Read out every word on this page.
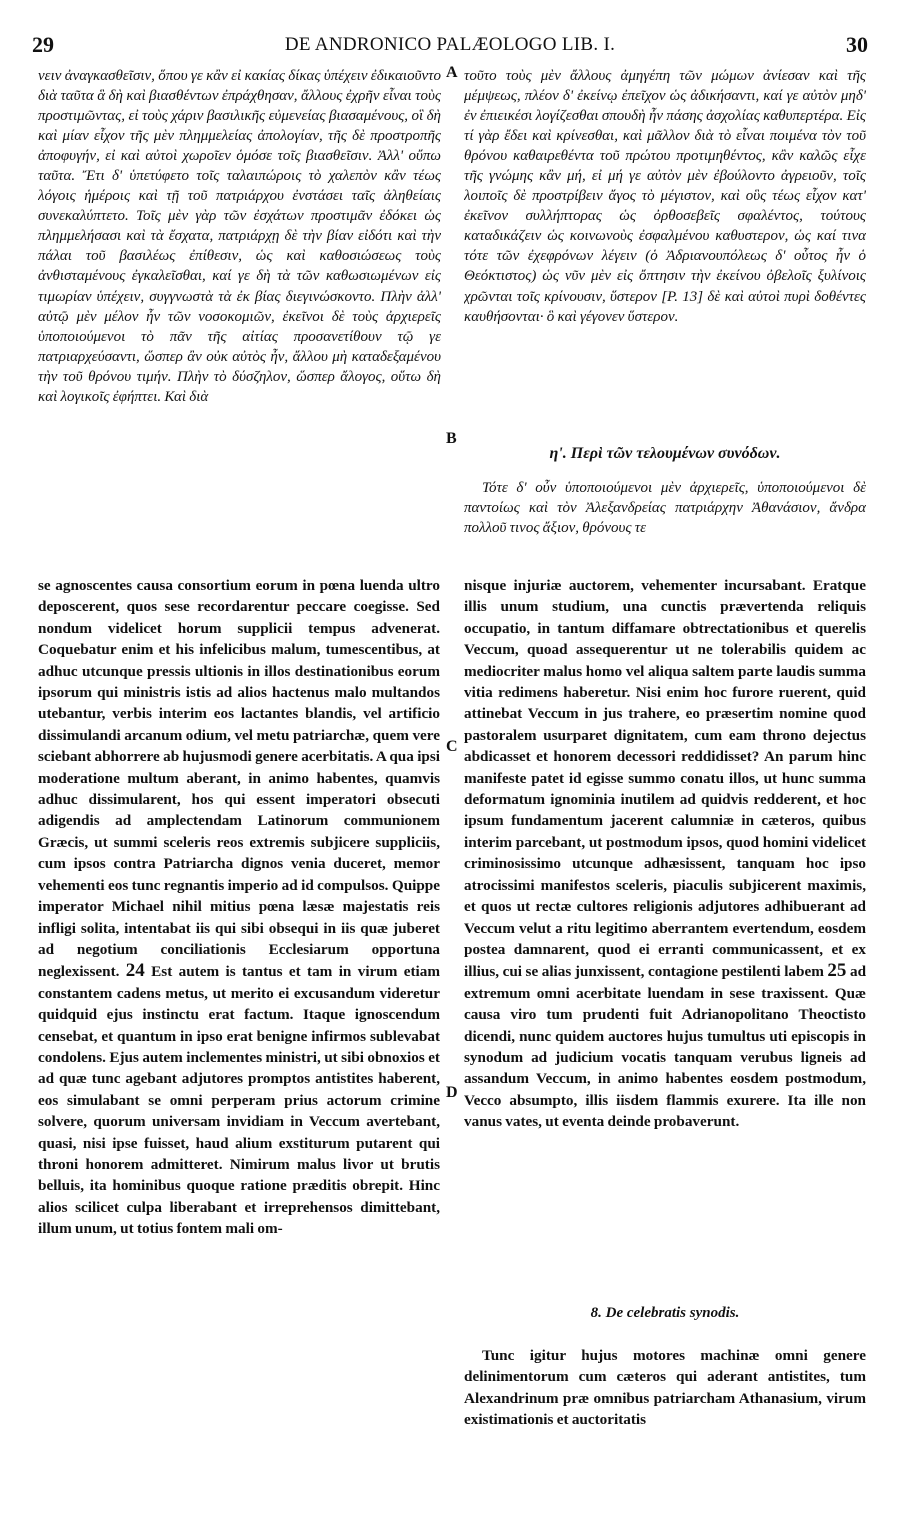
29	DE ANDRONICO PALÆOLOGO LIB. I.	30
νειν ἀναγκασθεῖσιν, ὅπου γε κἂν εἰ κακίας δίκας ὑπέχειν ἐδικαιοῦντο διὰ ταῦτα ἃ δὴ καὶ βιασθέντων ἐπράχθησαν, ἄλλους ἐχρῆν εἶναι τοὺς προστιμῶντας, εἰ τοὺς χάριν βασιλικῆς εὐμενείας βιασαμένους, οἳ δὴ καὶ μίαν εἶχον τῆς μὲν πλημμελείας ἀπολογίαν, τῆς δὲ προστροπῆς ἀποφυγήν, εἰ καὶ αὐτοὶ χωροῖεν ὁμόσε τοῖς βιασθεῖσιν. Ἀλλ' οὔπω ταῦτα. Ἔτι δ' ὑπετύφετο τοῖς ταλαιπώροις τὸ χαλεπὸν κἂν τέως λόγοις ἡμέροις καὶ τῇ τοῦ πατριάρχου ἐνστάσει ταῖς ἀληθείαις συνεκαλύπτετο. Τοῖς μὲν γὰρ τῶν ἐσχάτων προστιμᾶν ἐδόκει ὡς πλημμελήσασι καὶ τὰ ἔσχατα, πατριάρχῃ δὲ τὴν βίαν εἰδότι καὶ τὴν πάλαι τοῦ βασιλέως ἐπίθεσιν, ὡς καὶ καθοσιώσεως τοὺς ἀνθισταμένους ἐγκαλεῖσθαι, καί γε δὴ τὰ τῶν καθωσιωμένων εἰς τιμωρίαν ὑπέχειν, συγγνωστὰ τὰ ἐκ βίας διεγινώσκοντο. Πλὴν ἀλλ' αὐτῷ μὲν μέλον ἦν τῶν νοσοκομιῶν, ἐκεῖνοι δὲ τοὺς ἀρχιερεῖς ὑποποιούμενοι τὸ πᾶν τῆς αἰτίας προσανετίθουν τῷ γε πατριαρχεύσαντι, ὥσπερ ἂν οὐκ αὐτὸς ἦν, ἄλλου μὴ καταδεξαμένου τὴν τοῦ θρόνου τιμήν. Πλὴν τὸ δύσζηλον, ὥσπερ ἄλογος, οὕτω δὴ καὶ λογικοῖς ἐφήπτει. Καὶ διὰ
τοῦτο τοὺς μὲν ἄλλους ἀμηγέπη τῶν μώμων ἀνίεσαν καὶ τῆς μέμψεως, πλέον δ' ἐκείνῳ ἐπεῖχον ὡς ἀδικήσαντι, καί γε αὐτὸν μηδ' ἐν ἐπιεικέσι λογίζεσθαι σπουδὴ ἦν πάσης ἀσχολίας καθυπερτέρα. Εἰς τί γὰρ ἔδει καὶ κρίνεσθαι, καὶ μᾶλλον διὰ τὸ εἶναι ποιμένα τὸν τοῦ θρόνου καθαιρεθέντα τοῦ πρώτου προτιμηθέντος, κἂν καλῶς εἶχε τῆς γνώμης κἂν μή, εἰ μή γε αὐτὸν μὲν ἐβούλοντο ἀγρειοῦν, τοῖς λοιποῖς δὲ προστρίβειν ἄγος τὸ μέγιστον, καὶ οὓς τέως εἶχον κατ' ἐκεῖνον συλλήπτορας ὡς ὀρθοσεβεῖς σφαλέντος, τούτους καταδικάζειν ὡς κοινωνοὺς ἐσφαλμένου καθυστερον, ὡς καί τινα τότε τῶν ἐχεφρόνων λέγειν (ὁ Ἀδριανουπόλεως δ' οὗτος ἦν ὁ Θεόκτιστος) ὡς νῦν μὲν εἰς ὄπτησιν τὴν ἐκείνου ὀβελοῖς ξυλίνοις χρῶνται τοῖς κρίνουσιν, ὕστερον [P. 13] δὲ καὶ αὐτοὶ πυρὶ δοθέντες καυθήσονται· ὃ καὶ γέγονεν ὕστερον.
η'. Περὶ τῶν τελουμένων συνόδων.
Τότε δ' οὖν ὑποποιούμενοι μὲν ἀρχιερεῖς, ὑποποιούμενοι δὲ παντοίως καὶ τὸν Ἀλεξανδρείας πατριάρχην Ἀθανάσιον, ἄνδρα πολλοῦ τινος ἄξιον, θρόνους τε
A
B
C
D
se agnoscentes causa consortium eorum in pœna luenda ultro deposcerent, quos sese recordarentur peccare coegisse. Sed nondum videlicet horum supplicii tempus advenerat. Coquebatur enim et his infelicibus malum, tumescentibus, at adhuc utcunque pressis ultionis in illos destinationibus eorum ipsorum qui ministris istis ad alios hactenus malo multandos utebantur, verbis interim eos lactantes blandis, vel artificio dissimulandi arcanum odium, vel metu patriarchæ, quem vere sciebant abhorrere ab hujusmodi genere acerbitatis. A qua ipsi moderatione multum aberant, in animo habentes, quamvis adhuc dissimularent, hos qui essent imperatori obsecuti adigendis ad amplectendam Latinorum communionem Græcis, ut summi sceleris reos extremis subjicere suppliciis, cum ipsos contra Patriarcha dignos venia duceret, memor vehementi eos tunc regnantis imperio ad id compulsos. Quippe imperator Michael nihil mitius pœna læsæ majestatis reis infligi solita, intentabat iis qui sibi obsequi in iis quæ juberet ad negotium conciliationis Ecclesiarum opportuna neglexissent. 24 Est autem is tantus et tam in virum etiam constantem cadens metus, ut merito ei excusandum videretur quidquid ejus instinctu erat factum. Itaque ignoscendum censebat, et quantum in ipso erat benigne infirmos sublevabat condolens. Ejus autem inclementes ministri, ut sibi obnoxios et ad quæ tunc agebant adjutores promptos antistites haberent, eos simulabant se omni perperam prius actorum crimine solvere, quorum universam invidiam in Veccum avertebant, quasi, nisi ipse fuisset, haud alium exstiturum putarent qui throni honorem admitteret. Nimirum malus livor ut brutis belluis, ita hominibus quoque ratione præditis obrepit. Hinc alios scilicet culpa liberabant et irreprehensos dimittebant, illum unum, ut totius fontem mali om-
nisque injuriæ auctorem, vehementer incursabant. Eratque illis unum studium, una cunctis prævertenda reliquis occupatio, in tantum diffamare obtrectationibus et querelis Veccum, quoad assequerentur ut ne tolerabilis quidem ac mediocriter malus homo vel aliqua saltem parte laudis summa vitia redimens haberetur. Nisi enim hoc furore ruerent, quid attinebat Veccum in jus trahere, eo præsertim nomine quod pastoralem usurparet dignitatem, cum eam throno dejectus abdicasset et honorem decessori reddidisset? An parum hinc manifeste patet id egisse summo conatu illos, ut hunc summa deformatum ignominia inutilem ad quidvis redderent, et hoc ipsum fundamentum jacerent calumniæ in cæteros, quibus interim parcebant, ut postmodum ipsos, quod homini videlicet criminosissimo utcunque adhæsissent, tanquam hoc ipso atrocissimi manifestos sceleris, piaculis subjicerent maximis, et quos ut rectæ cultores religionis adjutores adhibuerant ad Veccum velut a ritu legitimo aberrantem evertendum, eosdem postea damnarent, quod ei erranti communicassent, et ex illius, cui se alias junxissent, contagione pestilenti labem 25 ad extremum omni acerbitate luendam in sese traxissent. Quæ causa viro tum prudenti fuit Adrianopolitano Theoctisto dicendi, nunc quidem auctores hujus tumultus uti episcopis in synodum ad judicium vocatis tanquam verubus ligneis ad assandum Veccum, in animo habentes eosdem postmodum, Vecco absumpto, illis iisdem flammis exurere. Ita ille non vanus vates, ut eventa deinde probaverunt.
8. De celebratis synodis.
Tunc igitur hujus motores machinæ omni genere delinimentorum cum cæteros qui aderant antistites, tum Alexandrinum præ omnibus patriarcham Athanasium, virum existimationis et auctoritatis
